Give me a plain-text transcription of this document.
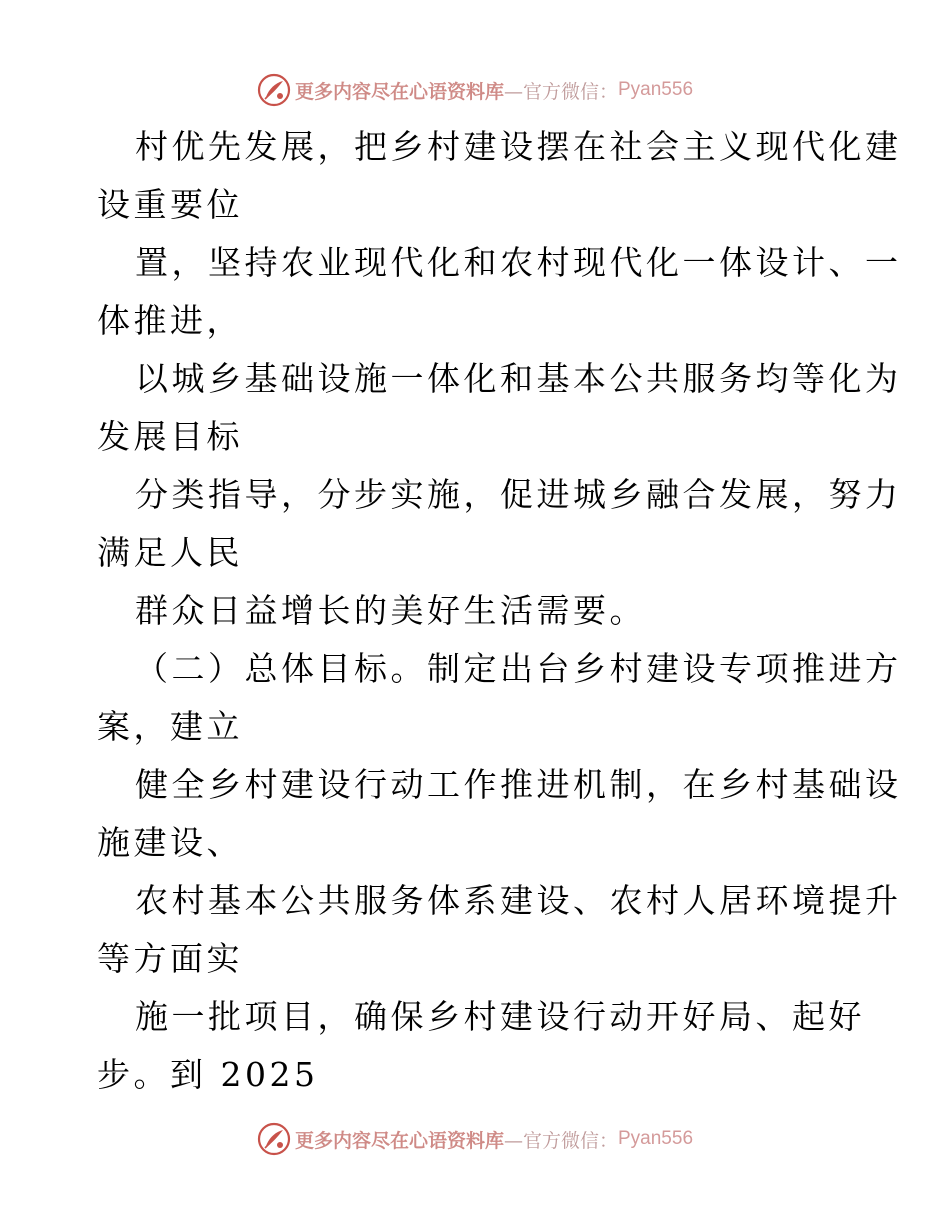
更多内容尽在心语资料库 —官方微信： Pyan556
村优先发展，把乡村建设摆在社会主义现代化建
设重要位
置，坚持农业现代化和农村现代化一体设计、一
体推进，
以城乡基础设施一体化和基本公共服务均等化为
发展目标
分类指导，分步实施，促进城乡融合发展，努力
满足人民
群众日益增长的美好生活需要。
（二）总体目标。制定出台乡村建设专项推进方
案，建立
健全乡村建设行动工作推进机制，在乡村基础设
施建设、
农村基本公共服务体系建设、农村人居环境提升
等方面实
施一批项目，确保乡村建设行动开好局、起好
步。到 2025
更多内容尽在心语资料库 —官方微信： Pyan556
